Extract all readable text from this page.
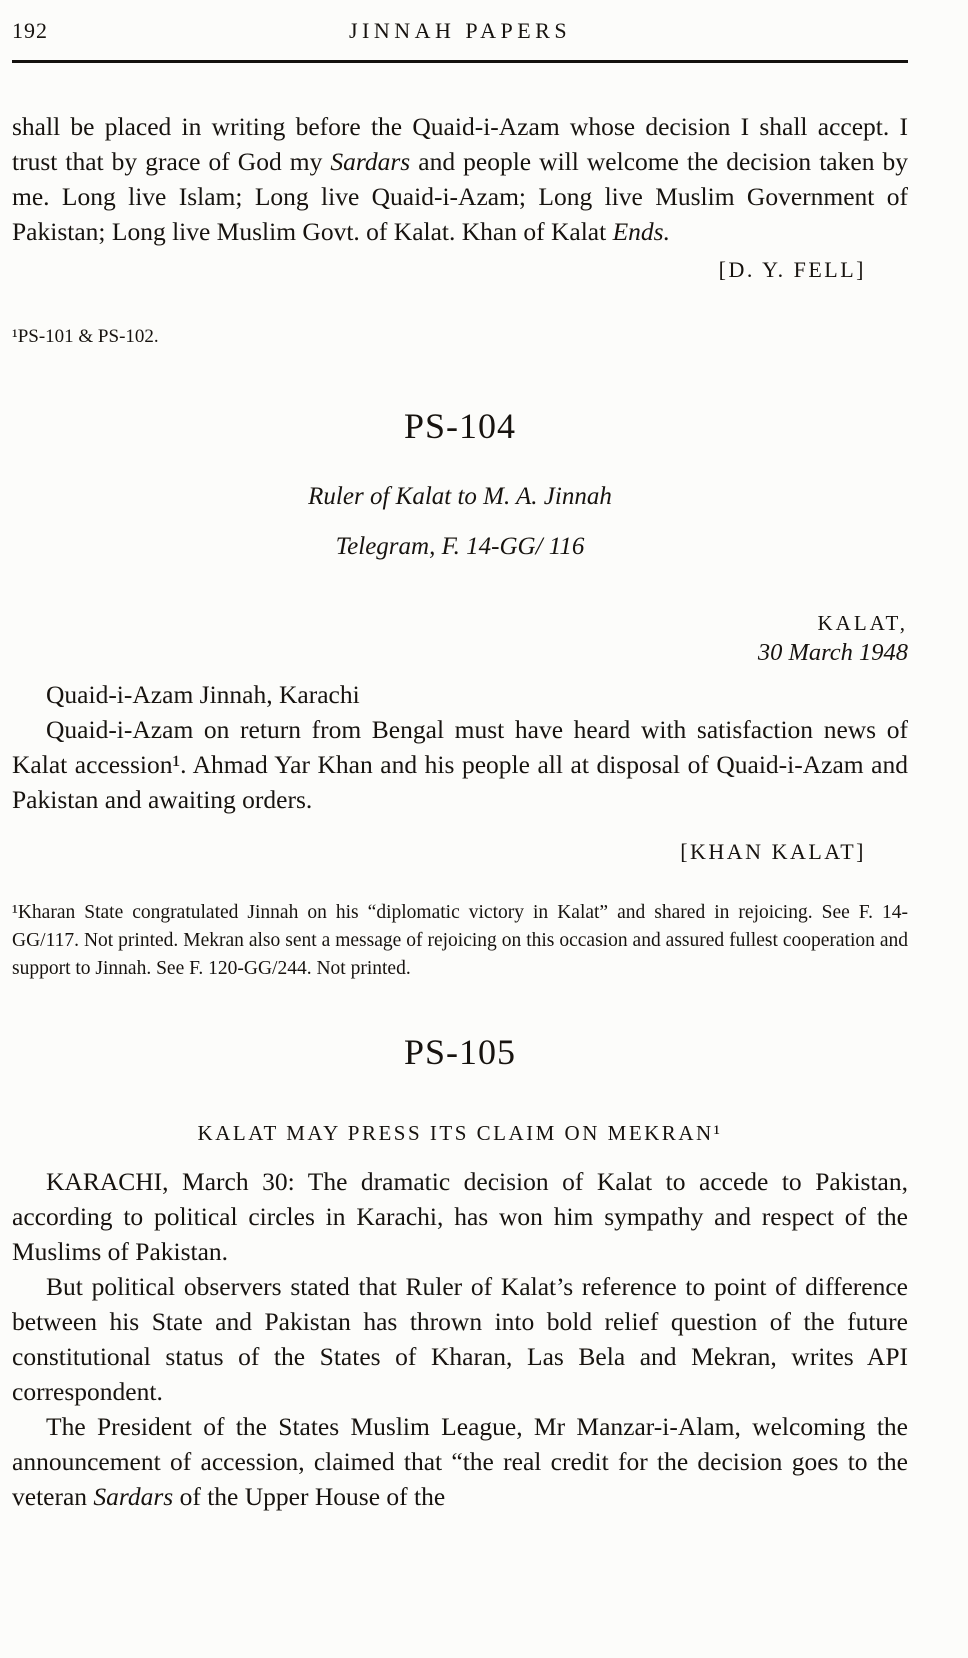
192	JINNAH PAPERS

shall be placed in writing before the Quaid-i-Azam whose decision I shall accept. I trust that by grace of God my Sardars and people will welcome the decision taken by me. Long live Islam; Long live Quaid-i-Azam; Long live Muslim Government of Pakistan; Long live Muslim Govt. of Kalat. Khan of Kalat Ends.

[D. Y. FELL]

¹PS-101 & PS-102.

PS-104

Ruler of Kalat to M. A. Jinnah

Telegram, F. 14-GG/ 116

KALAT,

30 March 1948

Quaid-i-Azam Jinnah, Karachi

Quaid-i-Azam on return from Bengal must have heard with satisfaction news of Kalat accession¹. Ahmad Yar Khan and his people all at disposal of Quaid-i-Azam and Pakistan and awaiting orders.

[KHAN KALAT]

¹Kharan State congratulated Jinnah on his “diplomatic victory in Kalat” and shared in rejoicing. See F. 14-GG/117. Not printed. Mekran also sent a message of rejoicing on this occasion and assured fullest cooperation and support to Jinnah. See F. 120-GG/244. Not printed.

PS-105

KALAT MAY PRESS ITS CLAIM ON MEKRAN¹

KARACHI, March 30: The dramatic decision of Kalat to accede to Pakistan, according to political circles in Karachi, has won him sympathy and respect of the Muslims of Pakistan.

But political observers stated that Ruler of Kalat’s reference to point of difference between his State and Pakistan has thrown into bold relief question of the future constitutional status of the States of Kharan, Las Bela and Mekran, writes API correspondent.

The President of the States Muslim League, Mr Manzar-i-Alam, welcoming the announcement of accession, claimed that “the real credit for the decision goes to the veteran Sardars of the Upper House of the
